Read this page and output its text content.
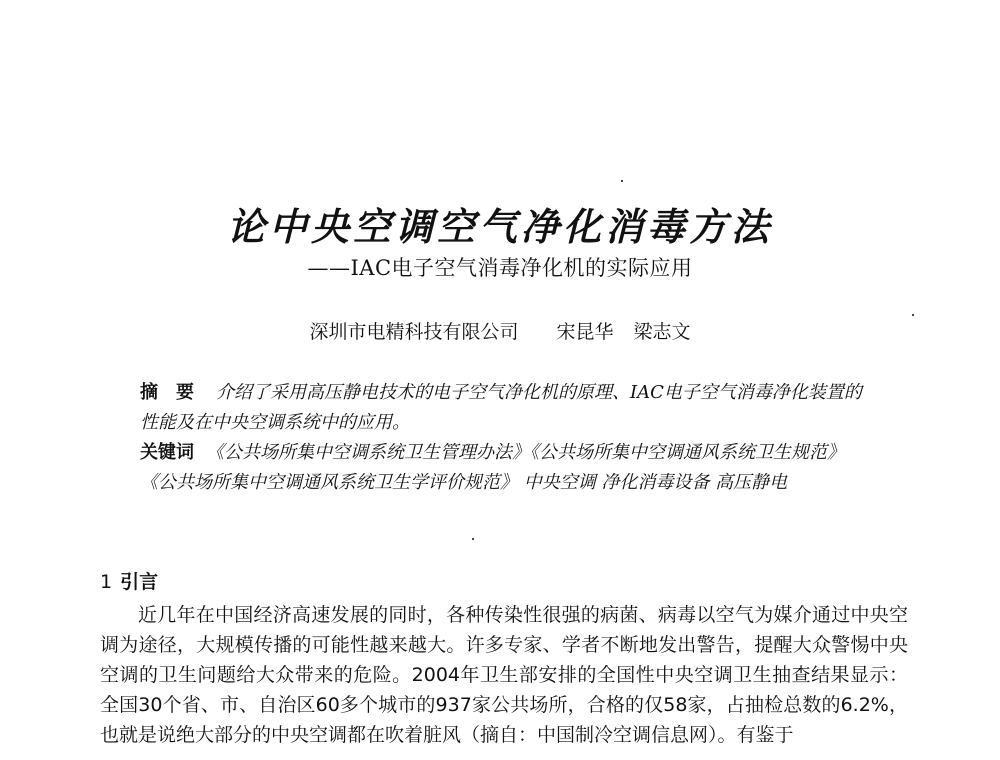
论中央空调空气净化消毒方法
——IAC电子空气消毒净化机的实际应用
深圳市电精科技有限公司 宋昆华 梁志文
摘要 介绍了采用高压静电技术的电子空气净化机的原理、IAC电子空气消毒净化装置的性能及在中央空调系统中的应用。
关键词 《公共场所集中空调系统卫生管理办法》《公共场所集中空调通风系统卫生规范》《公共场所集中空调通风系统卫生学评价规范》 中央空调 净化消毒设备 高压静电
1 引言
近几年在中国经济高速发展的同时，各种传染性很强的病菌、病毒以空气为媒介通过中央空调为途径，大规模传播的可能性越来越大。许多专家、学者不断地发出警告，提醒大众警惕中央空调的卫生问题给大众带来的危险。2004年卫生部安排的全国性中央空调卫生抽查结果显示：全国30个省、市、自治区60多个城市的937家公共场所，合格的仅58家，占抽检总数的6.2%，也就是说绝大部分的中央空调都在吹着脏风（摘自：中国制冷空调信息网）。有鉴于
